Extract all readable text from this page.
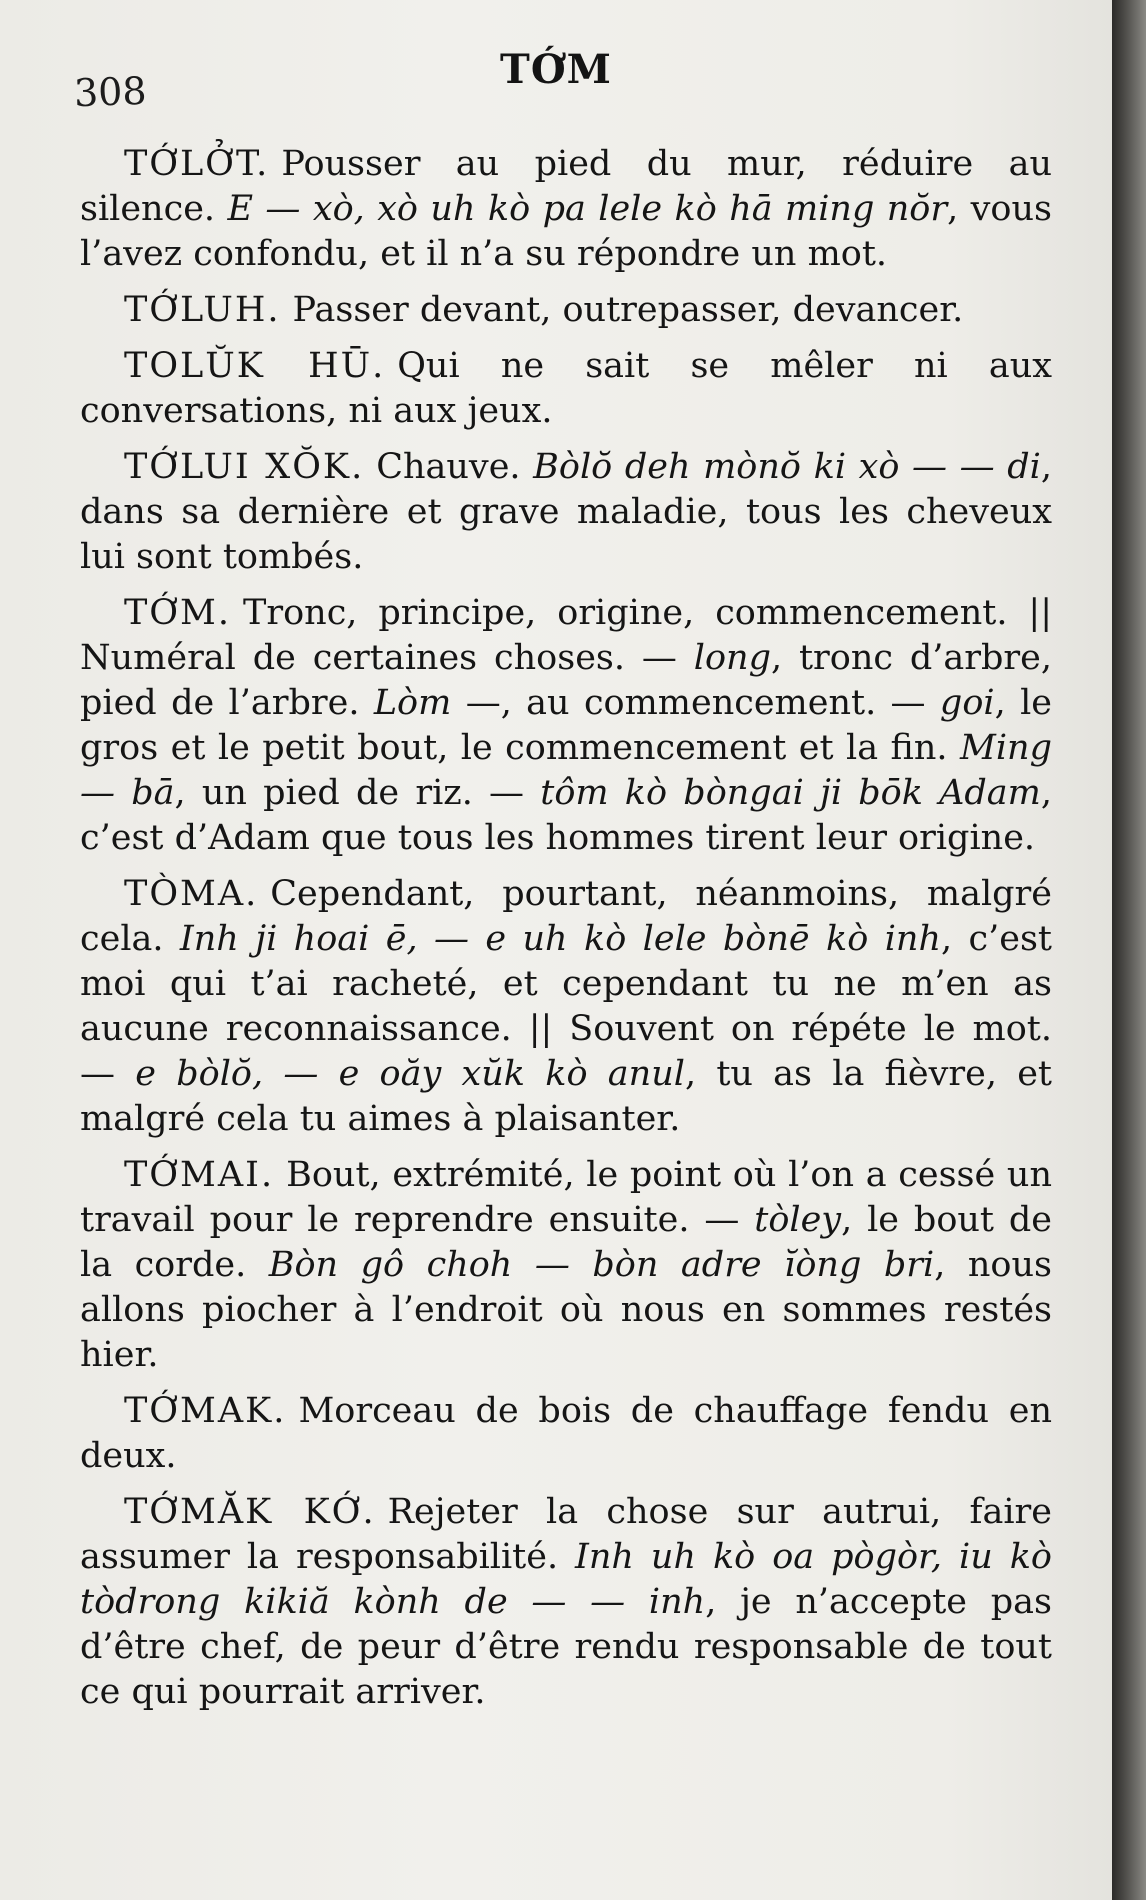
308	TỚM

TỚLỞT. Pousser au pied du mur, réduire au silence. E — xò, xò uh kò pa lele kò hā ming nŏr, vous l’avez confondu, et il n’a su répondre un mot.

TỚLUH. Passer devant, outrepasser, devancer.

TOLŬK HŪ. Qui ne sait se mêler ni aux conversations, ni aux jeux.

TỚLUI XŎK. Chauve. Bòlŏ deh mònŏ ki xò — — di, dans sa dernière et grave maladie, tous les cheveux lui sont tombés.

TỚM. Tronc, principe, origine, commencement. || Numéral de certaines choses. — long, tronc d’arbre, pied de l’arbre. Lòm —, au commencement. — goi, le gros et le petit bout, le commencement et la fin. Ming — bā, un pied de riz. — tôm kò bòngai ji bōk Adam, c’est d’Adam que tous les hommes tirent leur origine.

TÒMA. Cependant, pourtant, néanmoins, malgré cela. Inh ji hoai ē, — e uh kò lele bònē kò inh, c’est moi qui t’ai racheté, et cependant tu ne m’en as aucune reconnaissance. || Souvent on répéte le mot. — e bòlŏ, — e oăy xŭk kò anul, tu as la fièvre, et malgré cela tu aimes à plaisanter.

TỚMAI. Bout, extrémité, le point où l’on a cessé un travail pour le reprendre ensuite. — tòley, le bout de la corde. Bòn gô choh — bòn adre ĭòng bri, nous allons piocher à l’endroit où nous en sommes restés hier.

TỚMAK. Morceau de bois de chauffage fendu en deux.

TỚMĂK KỚ. Rejeter la chose sur autrui, faire assumer la responsabilité. Inh uh kò oa pògòr, iu kò tòdrong kikiă kònh de — — inh, je n’accepte pas d’être chef, de peur d’être rendu responsable de tout ce qui pourrait arriver.
